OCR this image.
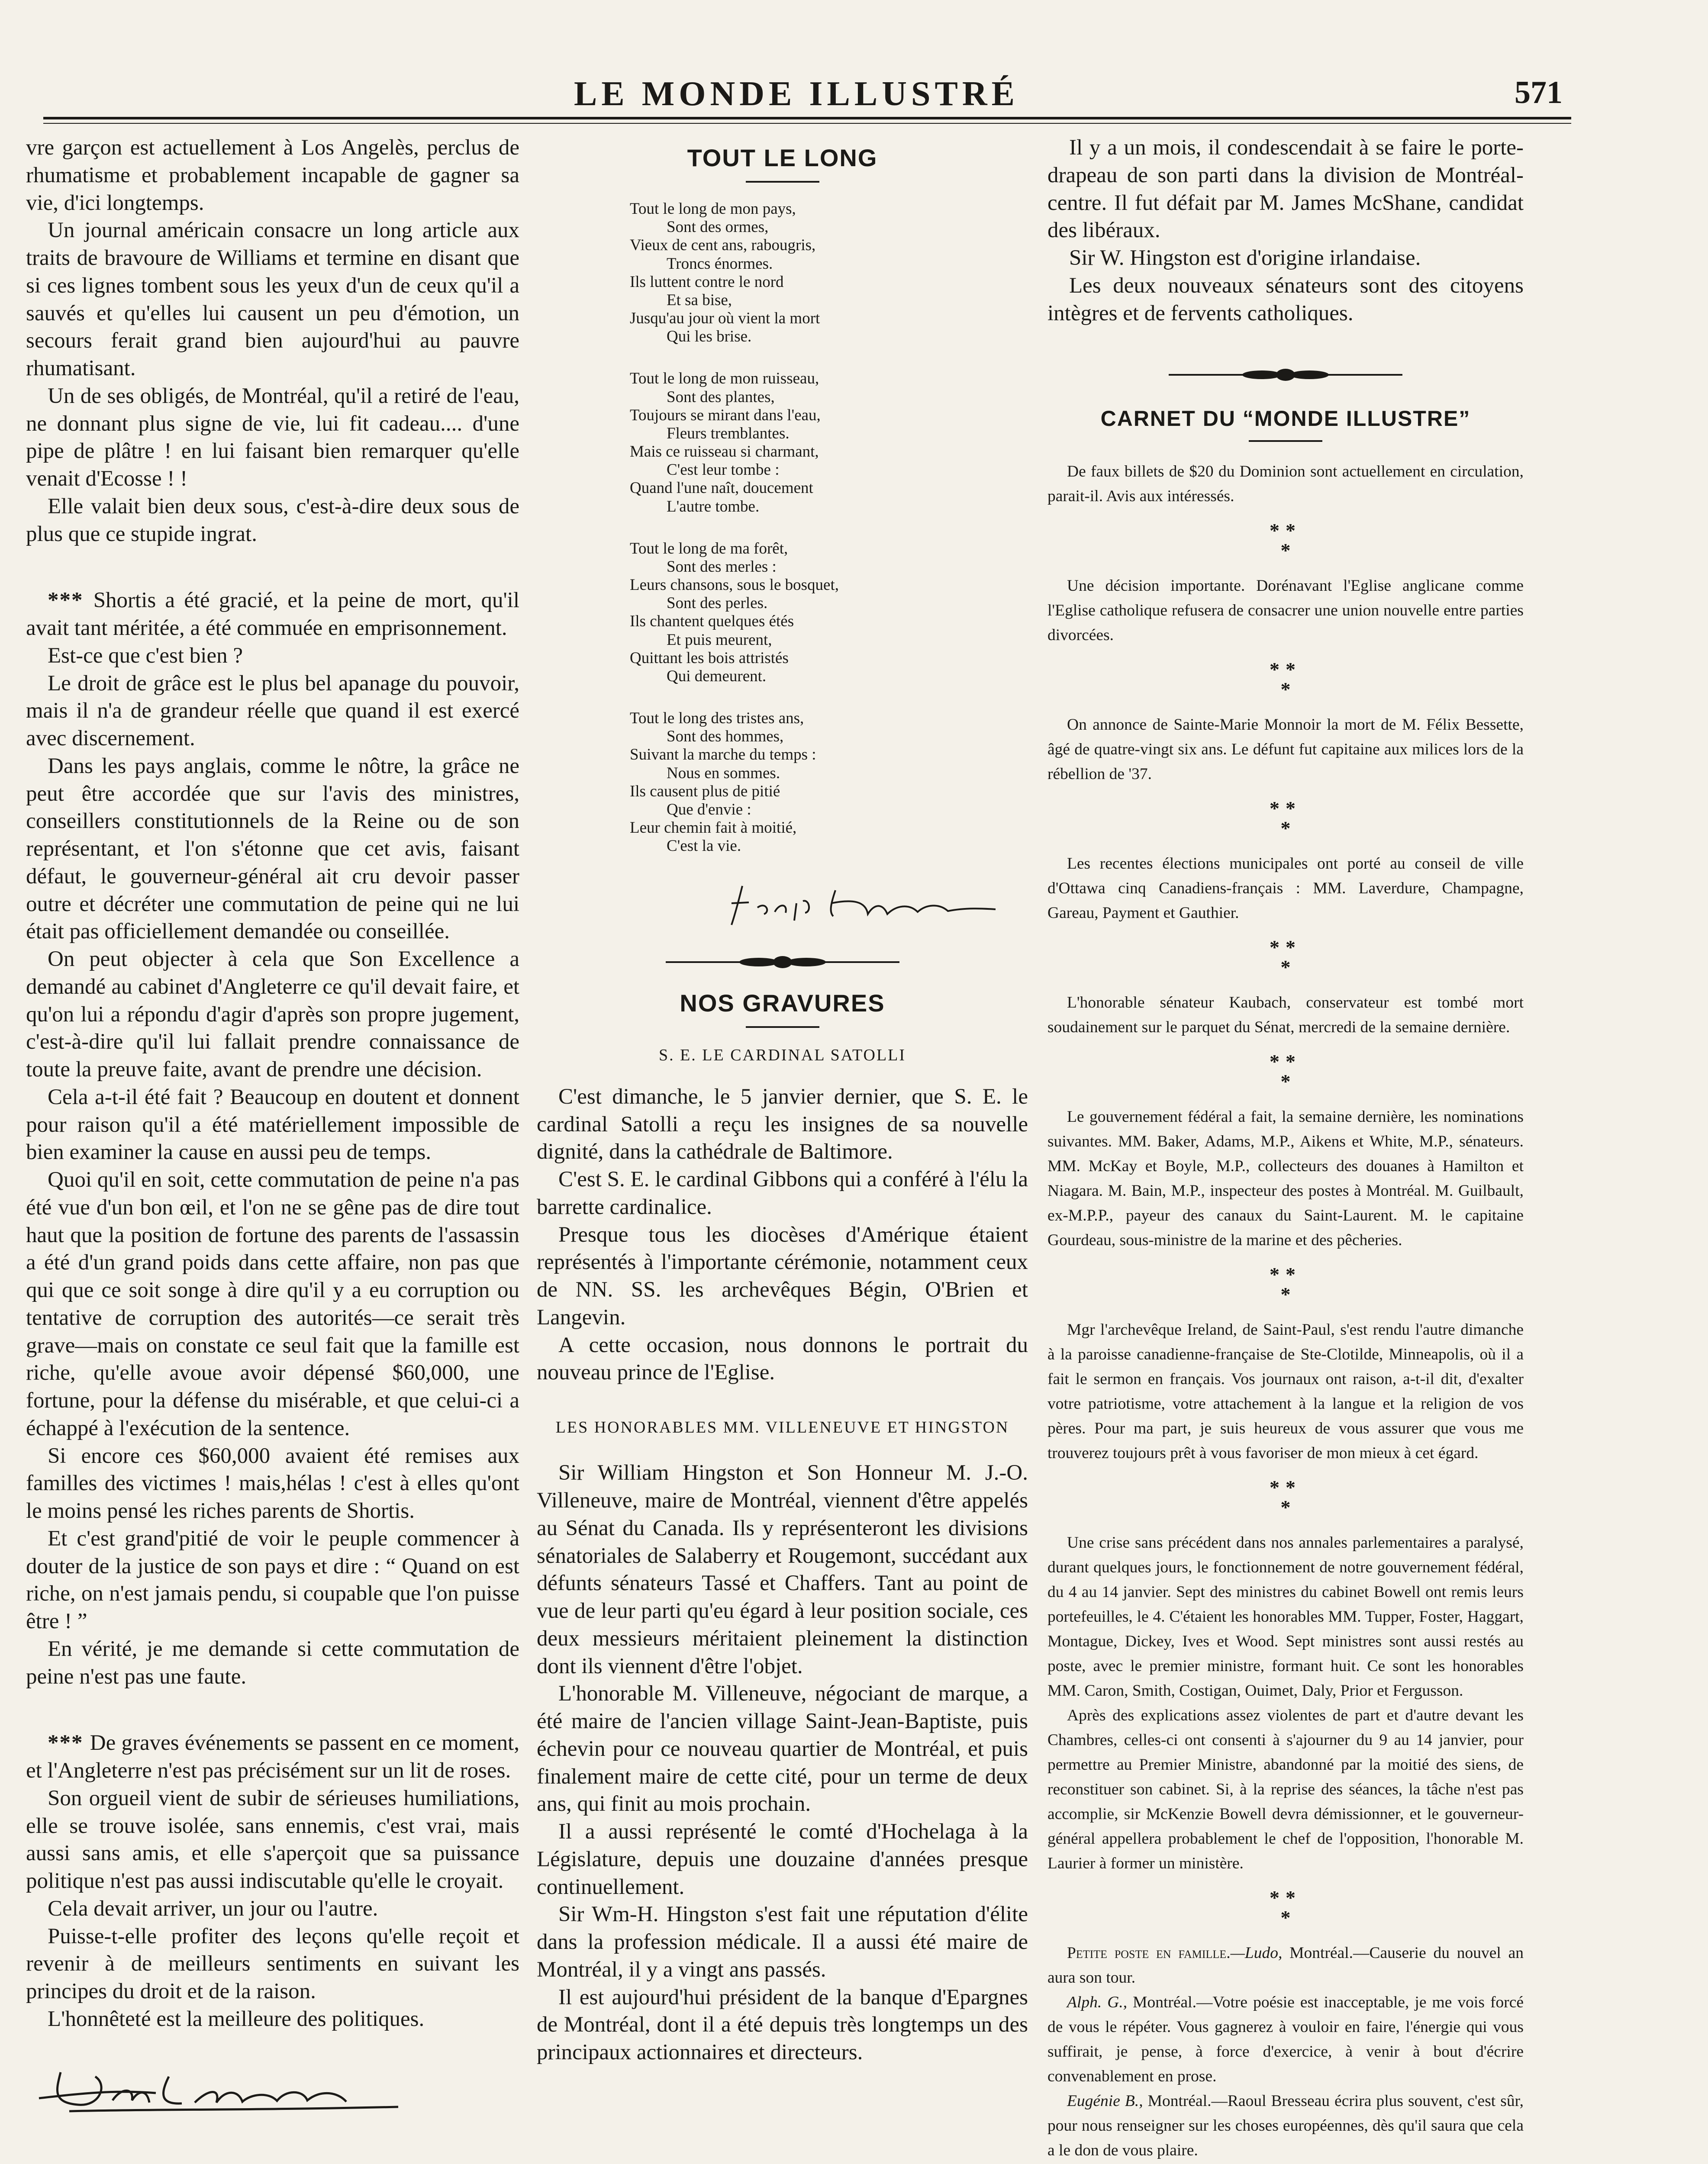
LE MONDE ILLUSTRÉ	571

vre garçon est actuellement à Los Angelès, perclus de rhumatisme et probablement incapable de gagner sa vie, d'ici longtemps.

Un journal américain consacre un long article aux traits de bravoure de Williams et termine en disant que si ces lignes tombent sous les yeux d'un de ceux qu'il a sauvés et qu'elles lui causent un peu d'émotion, un secours ferait grand bien aujourd'hui au pauvre rhumatisant.

Un de ses obligés, de Montréal, qu'il a retiré de l'eau, ne donnant plus signe de vie, lui fit cadeau.... d'une pipe de plâtre ! en lui faisant bien remarquer qu'elle venait d'Ecosse ! !

Elle valait bien deux sous, c'est-à-dire deux sous de plus que ce stupide ingrat.

*** Shortis a été gracié, et la peine de mort, qu'il avait tant méritée, a été commuée en emprisonnement.

Est-ce que c'est bien ?

Le droit de grâce est le plus bel apanage du pouvoir, mais il n'a de grandeur réelle que quand il est exercé avec discernement.

Dans les pays anglais, comme le nôtre, la grâce ne peut être accordée que sur l'avis des ministres, conseillers constitutionnels de la Reine ou de son représentant, et l'on s'étonne que cet avis, faisant défaut, le gouverneur-général ait cru devoir passer outre et décréter une commutation de peine qui ne lui était pas officiellement demandée ou conseillée.

On peut objecter à cela que Son Excellence a demandé au cabinet d'Angleterre ce qu'il devait faire, et qu'on lui a répondu d'agir d'après son propre jugement, c'est-à-dire qu'il lui fallait prendre connaissance de toute la preuve faite, avant de prendre une décision.

Cela a-t-il été fait ? Beaucoup en doutent et donnent pour raison qu'il a été matériellement impossible de bien examiner la cause en aussi peu de temps.

Quoi qu'il en soit, cette commutation de peine n'a pas été vue d'un bon œil, et l'on ne se gêne pas de dire tout haut que la position de fortune des parents de l'assassin a été d'un grand poids dans cette affaire, non pas que qui que ce soit songe à dire qu'il y a eu corruption ou tentative de corruption des autorités—ce serait très grave—mais on constate ce seul fait que la famille est riche, qu'elle avoue avoir dépensé $60,000, une fortune, pour la défense du misérable, et que celui-ci a échappé à l'exécution de la sentence.

Si encore ces $60,000 avaient été remises aux familles des victimes ! mais,hélas ! c'est à elles qu'ont le moins pensé les riches parents de Shortis.

Et c'est grand'pitié de voir le peuple commencer à douter de la justice de son pays et dire : “ Quand on est riche, on n'est jamais pendu, si coupable que l'on puisse être ! ”

En vérité, je me demande si cette commutation de peine n'est pas une faute.

*** De graves événements se passent en ce moment, et l'Angleterre n'est pas précisément sur un lit de roses.

Son orgueil vient de subir de sérieuses humiliations, elle se trouve isolée, sans ennemis, c'est vrai, mais aussi sans amis, et elle s'aperçoit que sa puissance politique n'est pas aussi indiscutable qu'elle le croyait.

Cela devait arriver, un jour ou l'autre.

Puisse-t-elle profiter des leçons qu'elle reçoit et revenir à de meilleurs sentiments en suivant les principes du droit et de la raison.

L'honnêteté est la meilleure des politiques.

TOUT LE LONG
Tout le long de mon pays,
Sont des ormes,
Vieux de cent ans, rabougris,
Troncs énormes.
Ils luttent contre le nord
Et sa bise,
Jusqu'au jour où vient la mort
Qui les brise.
Tout le long de mon ruisseau,
Sont des plantes,
Toujours se mirant dans l'eau,
Fleurs tremblantes.
Mais ce ruisseau si charmant,
C'est leur tombe :
Quand l'une naît, doucement
L'autre tombe.
Tout le long de ma forêt,
Sont des merles :
Leurs chansons, sous le bosquet,
Sont des perles.
Ils chantent quelques étés
Et puis meurent,
Quittant les bois attristés
Qui demeurent.
Tout le long des tristes ans,
Sont des hommes,
Suivant la marche du temps :
Nous en sommes.
Ils causent plus de pitié
Que d'envie :
Leur chemin fait à moitié,
C'est la vie.
NOS GRAVURES
S. E. LE CARDINAL SATOLLI

C'est dimanche, le 5 janvier dernier, que S. E. le cardinal Satolli a reçu les insignes de sa nouvelle dignité, dans la cathédrale de Baltimore.

C'est S. E. le cardinal Gibbons qui a conféré à l'élu la barrette cardinalice.

Presque tous les diocèses d'Amérique étaient représentés à l'importante cérémonie, notamment ceux de NN. SS. les archevêques Bégin, O'Brien et Langevin.

A cette occasion, nous donnons le portrait du nouveau prince de l'Eglise.

LES HONORABLES MM. VILLENEUVE ET HINGSTON

Sir William Hingston et Son Honneur M. J.-O. Villeneuve, maire de Montréal, viennent d'être appelés au Sénat du Canada. Ils y représenteront les divisions sénatoriales de Salaberry et Rougemont, succédant aux défunts sénateurs Tassé et Chaffers. Tant au point de vue de leur parti qu'eu égard à leur position sociale, ces deux messieurs méritaient pleinement la distinction dont ils viennent d'être l'objet.

L'honorable M. Villeneuve, négociant de marque, a été maire de l'ancien village Saint-Jean-Baptiste, puis échevin pour ce nouveau quartier de Montréal, et puis finalement maire de cette cité, pour un terme de deux ans, qui finit au mois prochain.

Il a aussi représenté le comté d'Hochelaga à la Législature, depuis une douzaine d'années presque continuellement.

Sir Wm-H. Hingston s'est fait une réputation d'élite dans la profession médicale. Il a aussi été maire de Montréal, il y a vingt ans passés.

Il est aujourd'hui président de la banque d'Epargnes de Montréal, dont il a été depuis très longtemps un des principaux actionnaires et directeurs.

Il y a un mois, il condescendait à se faire le porte-drapeau de son parti dans la division de Montréal-centre. Il fut défait par M. James McShane, candidat des libéraux.

Sir W. Hingston est d'origine irlandaise.

Les deux nouveaux sénateurs sont des citoyens intègres et de fervents catholiques.

CARNET DU “MONDE ILLUSTRE”

De faux billets de $20 du Dominion sont actuellement en circulation, parait-il. Avis aux intéressés.

**
*

Une décision importante. Dorénavant l'Eglise anglicane comme l'Eglise catholique refusera de consacrer une union nouvelle entre parties divorcées.

**
*

On annonce de Sainte-Marie Monnoir la mort de M. Félix Bessette, âgé de quatre-vingt six ans. Le défunt fut capitaine aux milices lors de la rébellion de '37.

**
*

Les recentes élections municipales ont porté au conseil de ville d'Ottawa cinq Canadiens-français : MM. Laverdure, Champagne, Gareau, Payment et Gauthier.

**
*

L'honorable sénateur Kaubach, conservateur est tombé mort soudainement sur le parquet du Sénat, mercredi de la semaine dernière.

**
*

Le gouvernement fédéral a fait, la semaine dernière, les nominations suivantes. MM. Baker, Adams, M.P., Aikens et White, M.P., sénateurs. MM. McKay et Boyle, M.P., collecteurs des douanes à Hamilton et Niagara. M. Bain, M.P., inspecteur des postes à Montréal. M. Guilbault, ex-M.P.P., payeur des canaux du Saint-Laurent. M. le capitaine Gourdeau, sous-ministre de la marine et des pêcheries.

**
*

Mgr l'archevêque Ireland, de Saint-Paul, s'est rendu l'autre dimanche à la paroisse canadienne-française de Ste-Clotilde, Minneapolis, où il a fait le sermon en français. Vos journaux ont raison, a-t-il dit, d'exalter votre patriotisme, votre attachement à la langue et la religion de vos pères. Pour ma part, je suis heureux de vous assurer que vous me trouverez toujours prêt à vous favoriser de mon mieux à cet égard.

**
*

Une crise sans précédent dans nos annales parlementaires a paralysé, durant quelques jours, le fonctionnement de notre gouvernement fédéral, du 4 au 14 janvier. Sept des ministres du cabinet Bowell ont remis leurs portefeuilles, le 4. C'étaient les honorables MM. Tupper, Foster, Haggart, Montague, Dickey, Ives et Wood. Sept ministres sont aussi restés au poste, avec le premier ministre, formant huit. Ce sont les honorables MM. Caron, Smith, Costigan, Ouimet, Daly, Prior et Fergusson.

Après des explications assez violentes de part et d'autre devant les Chambres, celles-ci ont consenti à s'ajourner du 9 au 14 janvier, pour permettre au Premier Ministre, abandonné par la moitié des siens, de reconstituer son cabinet. Si, à la reprise des séances, la tâche n'est pas accomplie, sir McKenzie Bowell devra démissionner, et le gouverneur-général appellera probablement le chef de l'opposition, l'honorable M. Laurier à former un ministère.

**
*

Petite poste en famille.—Ludo, Montréal.—Causerie du nouvel an aura son tour.

Alph. G., Montréal.—Votre poésie est inacceptable, je me vois forcé de vous le répéter. Vous gagnerez à vouloir en faire, l'énergie qui vous suffirait, je pense, à force d'exercice, à venir à bout d'écrire convenablement en prose.

Eugénie B., Montréal.—Raoul Bresseau écrira plus souvent, c'est sûr, pour nous renseigner sur les choses européennes, dès qu'il saura que cela a le don de vous plaire.
